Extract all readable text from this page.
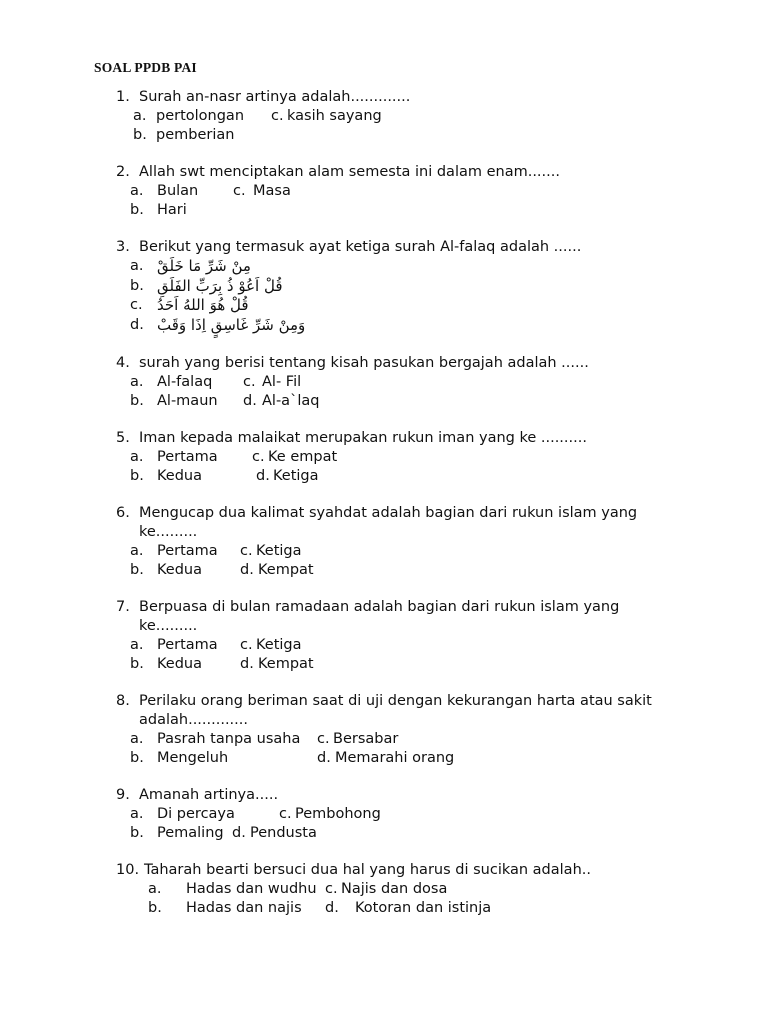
SOAL PPDB PAI
1. Surah an-nasr artinya adalah.............
a. pertolongan c. kasih sayang
b. pemberian
2. Allah swt menciptakan alam semesta ini dalam enam.......
a. Bulan c. Masa
b. Hari
3. Berikut yang termasuk ayat ketiga surah Al-falaq adalah ......
a. مِنْ شَرِّ مَا خَلَقْ
b. قُلْ اَعُوْ ذُ بِرَبِّ الفَلَقِ
c. قُلْ هُوَ اللهُ اَحَدُ
d. وَمِنْ شَرِّ غَاسِقٍ اِذَا وَقَبْ
4. surah yang berisi tentang kisah pasukan bergajah adalah ......
a. Al-falaq c. Al- Fil
b. Al-maun d. Al-a`laq
5. Iman kepada malaikat merupakan rukun iman yang ke ..........
a. Pertama c. Ke empat
b. Kedua	d. Ketiga
6. Mengucap dua kalimat syahdat adalah bagian dari rukun islam yang
ke.........
a. Pertama c. Ketiga
b. Kedua	d. Kempat
7. Berpuasa di bulan ramadaan adalah bagian dari rukun islam yang
ke.........
a. Pertama c. Ketiga
b. Kedua	d. Kempat
8. Perilaku orang beriman saat di uji dengan kekurangan harta atau sakit
adalah.............
a. Pasrah tanpa usaha c. Bersabar
b. Mengeluh	d. Memarahi orang
9. Amanah artinya.....
a. Di percaya	c. Pembohong
b. Pemaling d. Pendusta
10. Taharah bearti bersuci dua hal yang harus di sucikan adalah..
a. Hadas dan wudhu c. Najis dan dosa
b. Hadas dan najis d. Kotoran dan istinja
